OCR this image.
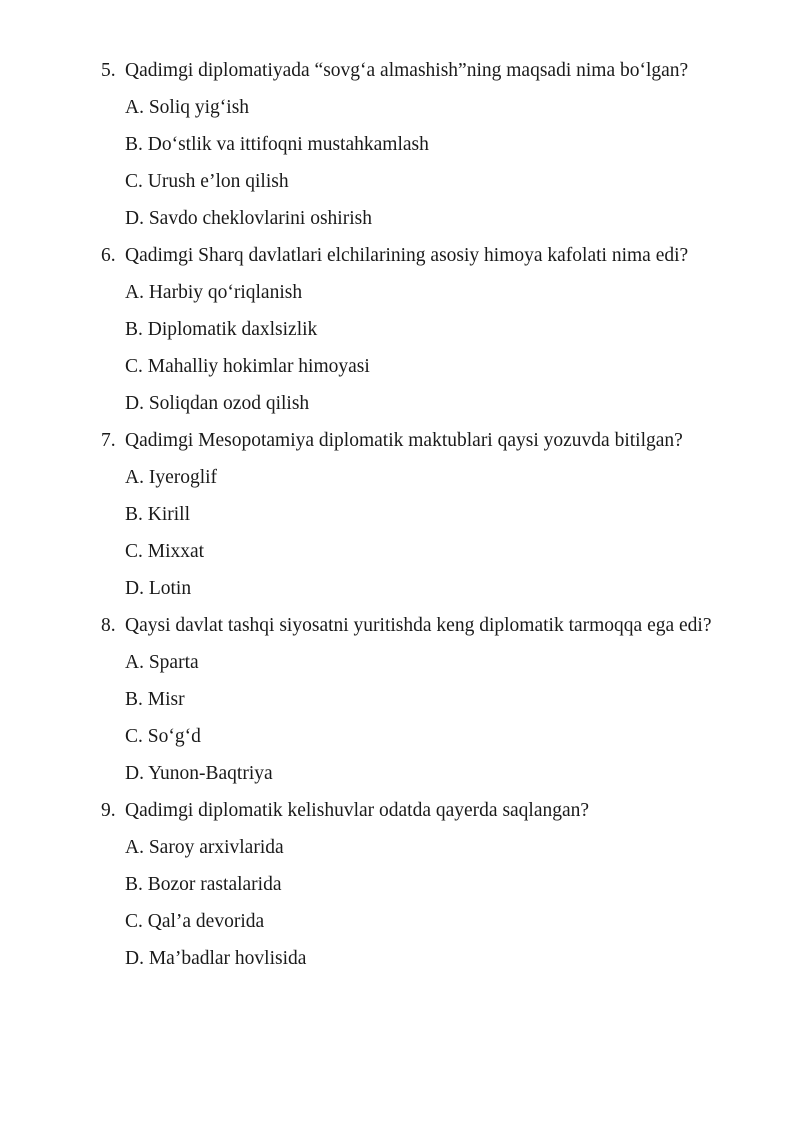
5. Qadimgi diplomatiyada “sovg‘a almashish”ning maqsadi nima bo‘lgan?
A. Soliq yig‘ish
B. Do‘stlik va ittifoqni mustahkamlash
C. Urush e’lon qilish
D. Savdo cheklovlarini oshirish
6. Qadimgi Sharq davlatlari elchilarining asosiy himoya kafolati nima edi?
A. Harbiy qo‘riqlanish
B. Diplomatik daxlsizlik
C. Mahalliy hokimlar himoyasi
D. Soliqdan ozod qilish
7. Qadimgi Mesopotamiya diplomatik maktublari qaysi yozuvda bitilgan?
A. Iyeroglif
B. Kirill
C. Mixxat
D. Lotin
8. Qaysi davlat tashqi siyosatni yuritishda keng diplomatik tarmoqqa ega edi?
A. Sparta
B. Misr
C. So‘g‘d
D. Yunon-Baqtriya
9. Qadimgi diplomatik kelishuvlar odatda qayerda saqlangan?
A. Saroy arxivlarida
B. Bozor rastalarida
C. Qal’a devorida
D. Ma’badlar hovlisida
